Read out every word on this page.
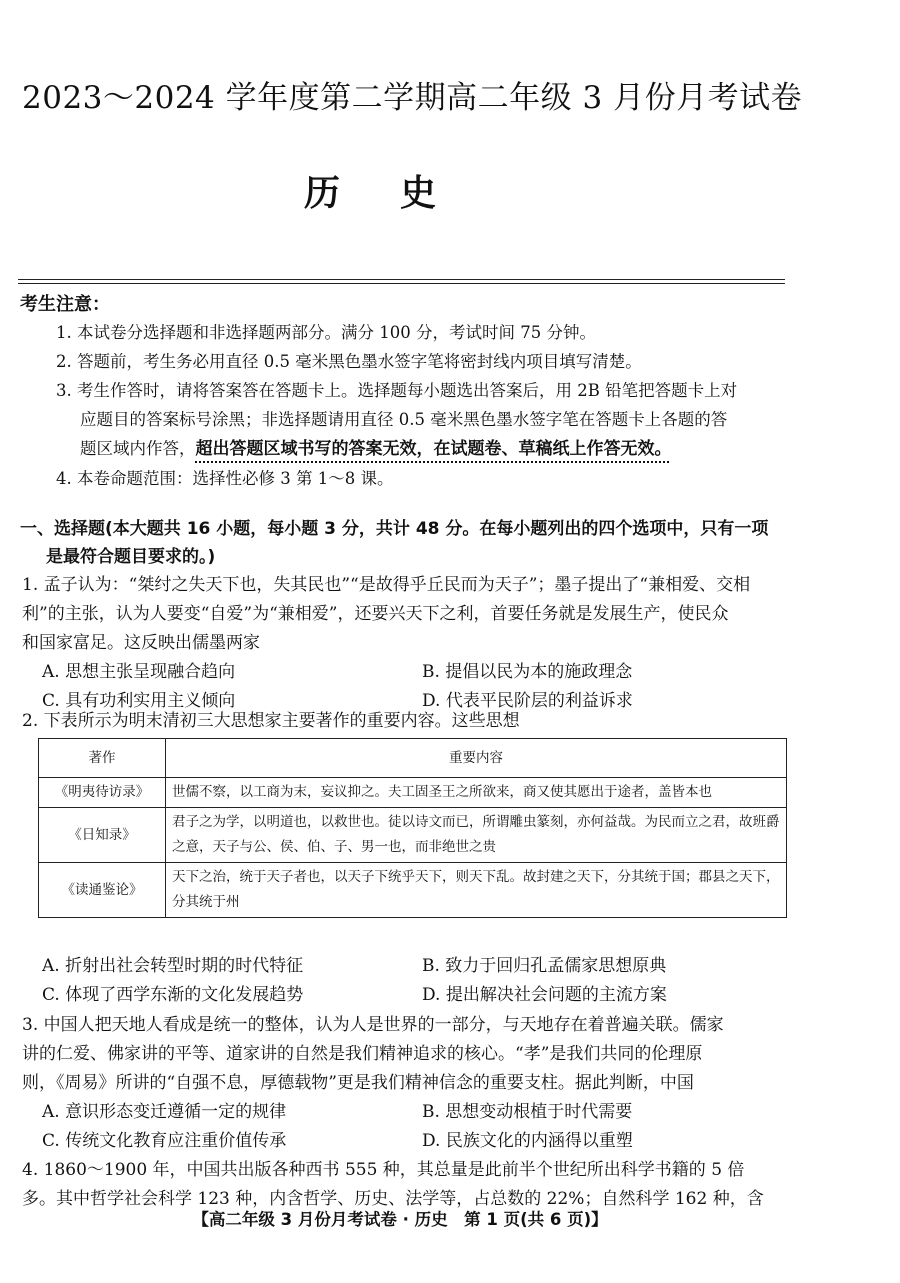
2023～2024 学年度第二学期高二年级 3 月份月考试卷
历史
考生注意：
1. 本试卷分选择题和非选择题两部分。满分 100 分，考试时间 75 分钟。
2. 答题前，考生务必用直径 0.5 毫米黑色墨水签字笔将密封线内项目填写清楚。
3. 考生作答时，请将答案答在答题卡上。选择题每小题选出答案后，用 2B 铅笔把答题卡上对
应题目的答案标号涂黑；非选择题请用直径 0.5 毫米黑色墨水签字笔在答题卡上各题的答
题区域内作答，超出答题区域书写的答案无效，在试题卷、草稿纸上作答无效。
4. 本卷命题范围：选择性必修 3 第 1～8 课。
一、选择题(本大题共 16 小题，每小题 3 分，共计 48 分。在每小题列出的四个选项中，只有一项
是最符合题目要求的。)
1. 孟子认为：“桀纣之失天下也，失其民也”“是故得乎丘民而为天子”；墨子提出了“兼相爱、交相
利”的主张，认为人要变“自爱”为“兼相爱”，还要兴天下之利，首要任务就是发展生产，使民众
和国家富足。这反映出儒墨两家
A. 思想主张呈现融合趋向	B. 提倡以民为本的施政理念
C. 具有功利实用主义倾向	D. 代表平民阶层的利益诉求
2. 下表所示为明末清初三大思想家主要著作的重要内容。这些思想
著作	重要内容
《明夷待访录》	世儒不察，以工商为末，妄议抑之。夫工固圣王之所欲来，商又使其愿出于途者，盖皆本也
《日知录》	君子之为学，以明道也，以救世也。徒以诗文而已，所谓雕虫篆刻，亦何益哉。为民而立之君，故班爵之意，天子与公、侯、伯、子、男一也，而非绝世之贵
《读通鉴论》	天下之治，统于天子者也，以天子下统乎天下，则天下乱。故封建之天下，分其统于国；郡县之天下，分其统于州
A. 折射出社会转型时期的时代特征	B. 致力于回归孔孟儒家思想原典
C. 体现了西学东渐的文化发展趋势	D. 提出解决社会问题的主流方案
3. 中国人把天地人看成是统一的整体，认为人是世界的一部分，与天地存在着普遍关联。儒家
讲的仁爱、佛家讲的平等、道家讲的自然是我们精神追求的核心。“孝”是我们共同的伦理原
则，《周易》所讲的“自强不息，厚德载物”更是我们精神信念的重要支柱。据此判断，中国
A. 意识形态变迁遵循一定的规律	B. 思想变动根植于时代需要
C. 传统文化教育应注重价值传承	D. 民族文化的内涵得以重塑
4. 1860～1900 年，中国共出版各种西书 555 种，其总量是此前半个世纪所出科学书籍的 5 倍
多。其中哲学社会科学 123 种，内含哲学、历史、法学等，占总数的 22%；自然科学 162 种，含
【高二年级 3 月份月考试卷 · 历史　第 1 页(共 6 页)】
